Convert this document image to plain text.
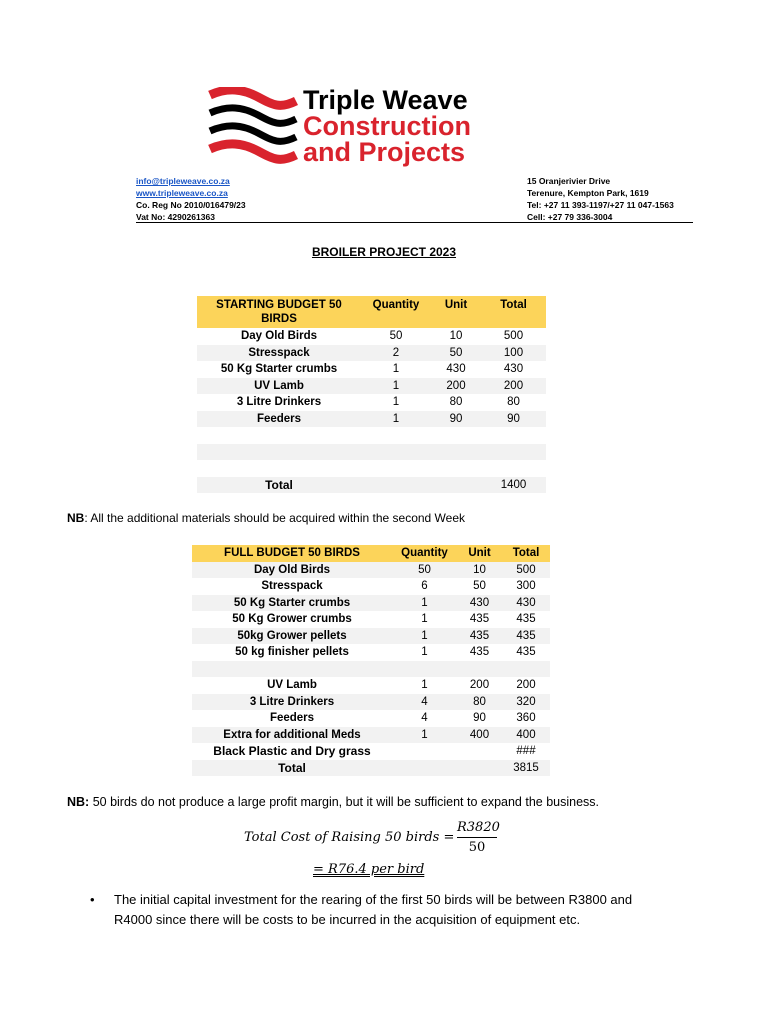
Triple Weave
Construction
and Projects
info@tripleweave.co.za
www.tripleweave.co.za
Co. Reg No 2010/016479/23
Vat No: 4290261363
15 Oranjerivier Drive
Terenure, Kempton Park, 1619
Tel: +27 11 393-1197/+27 11 047-1563
Cell: +27 79 336-3004
BROILER PROJECT 2023
STARTING BUDGET 50 BIRDS	Quantity	Unit	Total
Day Old Birds	50	10	500
Stresspack	2	50	100
50 Kg Starter crumbs	1	430	430
UV Lamb	1	200	200
3 Litre Drinkers	1	80	80
Feeders	1	90	90

Total			1400
NB: All the additional materials should be acquired within the second Week
FULL BUDGET 50 BIRDS	Quantity	Unit	Total
Day Old Birds	50	10	500
Stresspack	6	50	300
50 Kg Starter crumbs	1	430	430
50 Kg Grower crumbs	1	435	435
50kg Grower pellets	1	435	435
50 kg finisher pellets	1	435	435

UV Lamb	1	200	200
3 Litre Drinkers	4	80	320
Feeders	4	90	360
Extra for additional Meds	1	400	400
Black Plastic and Dry grass			###
Total			3815
NB: 50 birds do not produce a large profit margin, but it will be sufficient to expand the business.
Total Cost of Raising 50 birds = $\frac{R3820}{50}$
= R76.4 per bird
• The initial capital investment for the rearing of the first 50 birds will be between R3800 and R4000 since there will be costs to be incurred in the acquisition of equipment etc.
